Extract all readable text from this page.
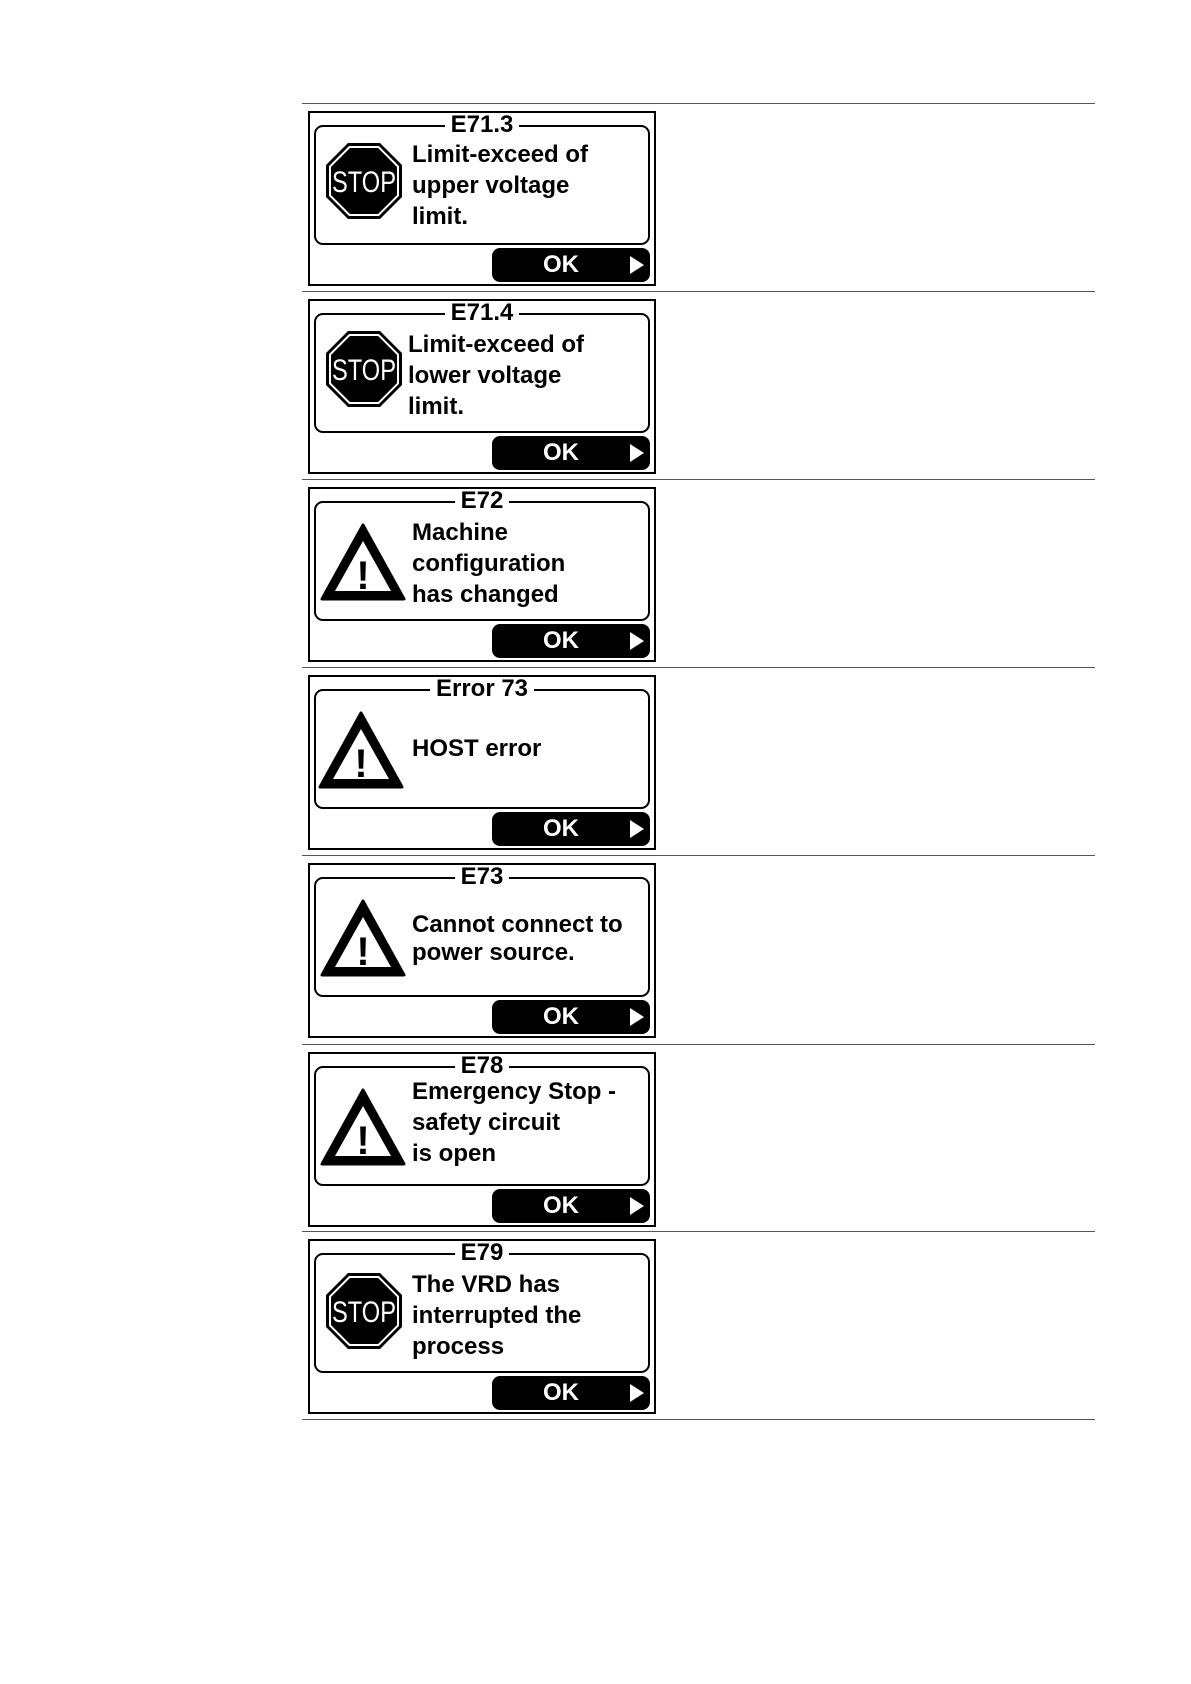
E71.3
STOP
Limit-exceed of
upper voltage
limit.
OK
E71.4
STOP
Limit-exceed of
lower voltage
limit.
OK
E72
!
Machine
configuration
has changed
OK
Error 73
! HOST error
OK
E73
!
Cannot connect to
power source.
OK
E78
!
Emergency Stop -
safety circuit
is open
OK
E79
STOP
The VRD has
interrupted the
process
OK
